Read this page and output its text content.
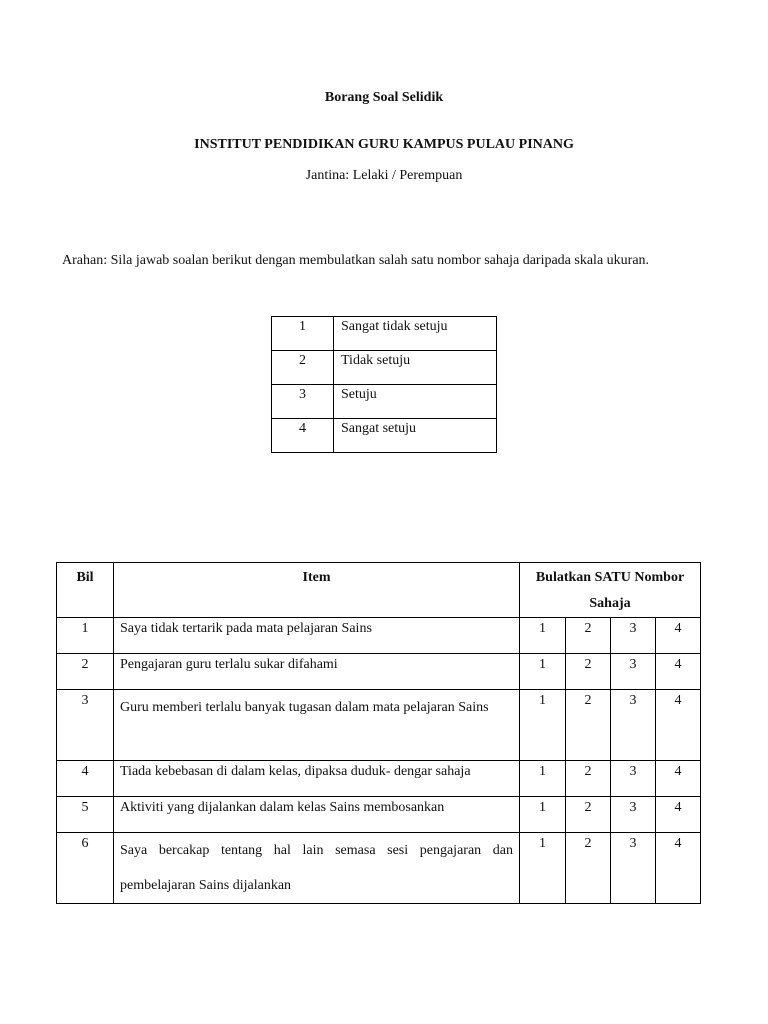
Borang Soal Selidik
INSTITUT PENDIDIKAN GURU KAMPUS PULAU PINANG
Jantina: Lelaki / Perempuan
Arahan: Sila jawab soalan berikut dengan membulatkan salah satu nombor sahaja daripada skala ukuran.
1	Sangat tidak setuju
2	Tidak setuju
3	Setuju
4	Sangat setuju
Bil	Item	Bulatkan SATU Nombor Sahaja			
1	Saya tidak tertarik pada mata pelajaran Sains	1	2	3	4
2	Pengajaran guru terlalu sukar difahami	1	2	3	4
3	Guru memberi terlalu banyak tugasan dalam mata pelajaran Sains	1	2	3	4
4	Tiada kebebasan di dalam kelas, dipaksa duduk- dengar sahaja	1	2	3	4
5	Aktiviti yang dijalankan dalam kelas Sains membosankan	1	2	3	4
6	Saya bercakap tentang hal lain semasa sesi pengajaran dan pembelajaran Sains dijalankan	1	2	3	4
